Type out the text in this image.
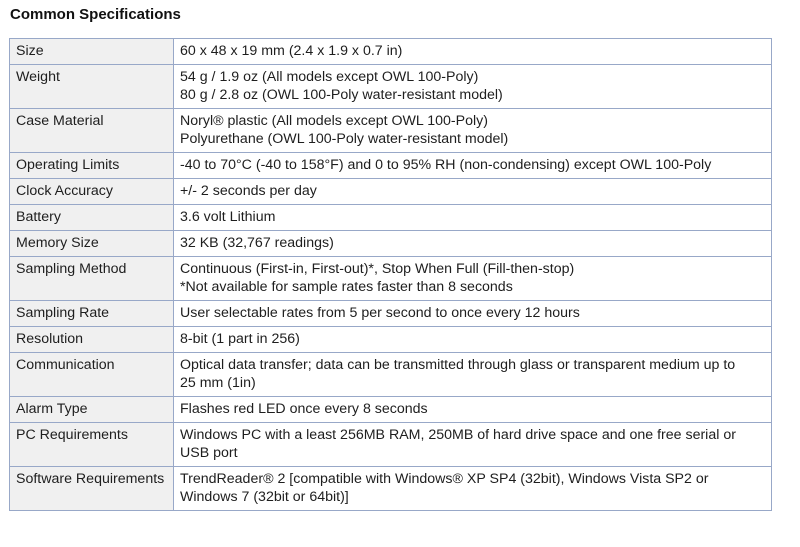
Common Specifications
Size	60 x 48 x 19 mm (2.4 x 1.9 x 0.7 in)

Weight	54 g / 1.9 oz (All models except OWL 100-Poly)
80 g / 2.8 oz (OWL 100-Poly water-resistant model)

Case Material	Noryl® plastic (All models except OWL 100-Poly)
Polyurethane (OWL 100-Poly water-resistant model)

Operating Limits	-40 to 70°C (-40 to 158°F) and 0 to 95% RH (non-condensing) except OWL 100-Poly

Clock Accuracy	+/- 2 seconds per day

Battery	3.6 volt Lithium

Memory Size	32 KB (32,767 readings)

Sampling Method	Continuous (First-in, First-out)*, Stop When Full (Fill-then-stop)
*Not available for sample rates faster than 8 seconds

Sampling Rate	User selectable rates from 5 per second to once every 12 hours

Resolution	8-bit (1 part in 256)

Communication	Optical data transfer; data can be transmitted through glass or transparent medium up to
25 mm (1in)

Alarm Type	Flashes red LED once every 8 seconds

PC Requirements	Windows PC with a least 256MB RAM, 250MB of hard drive space and one free serial or
USB port

Software Requirements	TrendReader® 2 [compatible with Windows® XP SP4 (32bit), Windows Vista SP2 or
Windows 7 (32bit or 64bit)]
